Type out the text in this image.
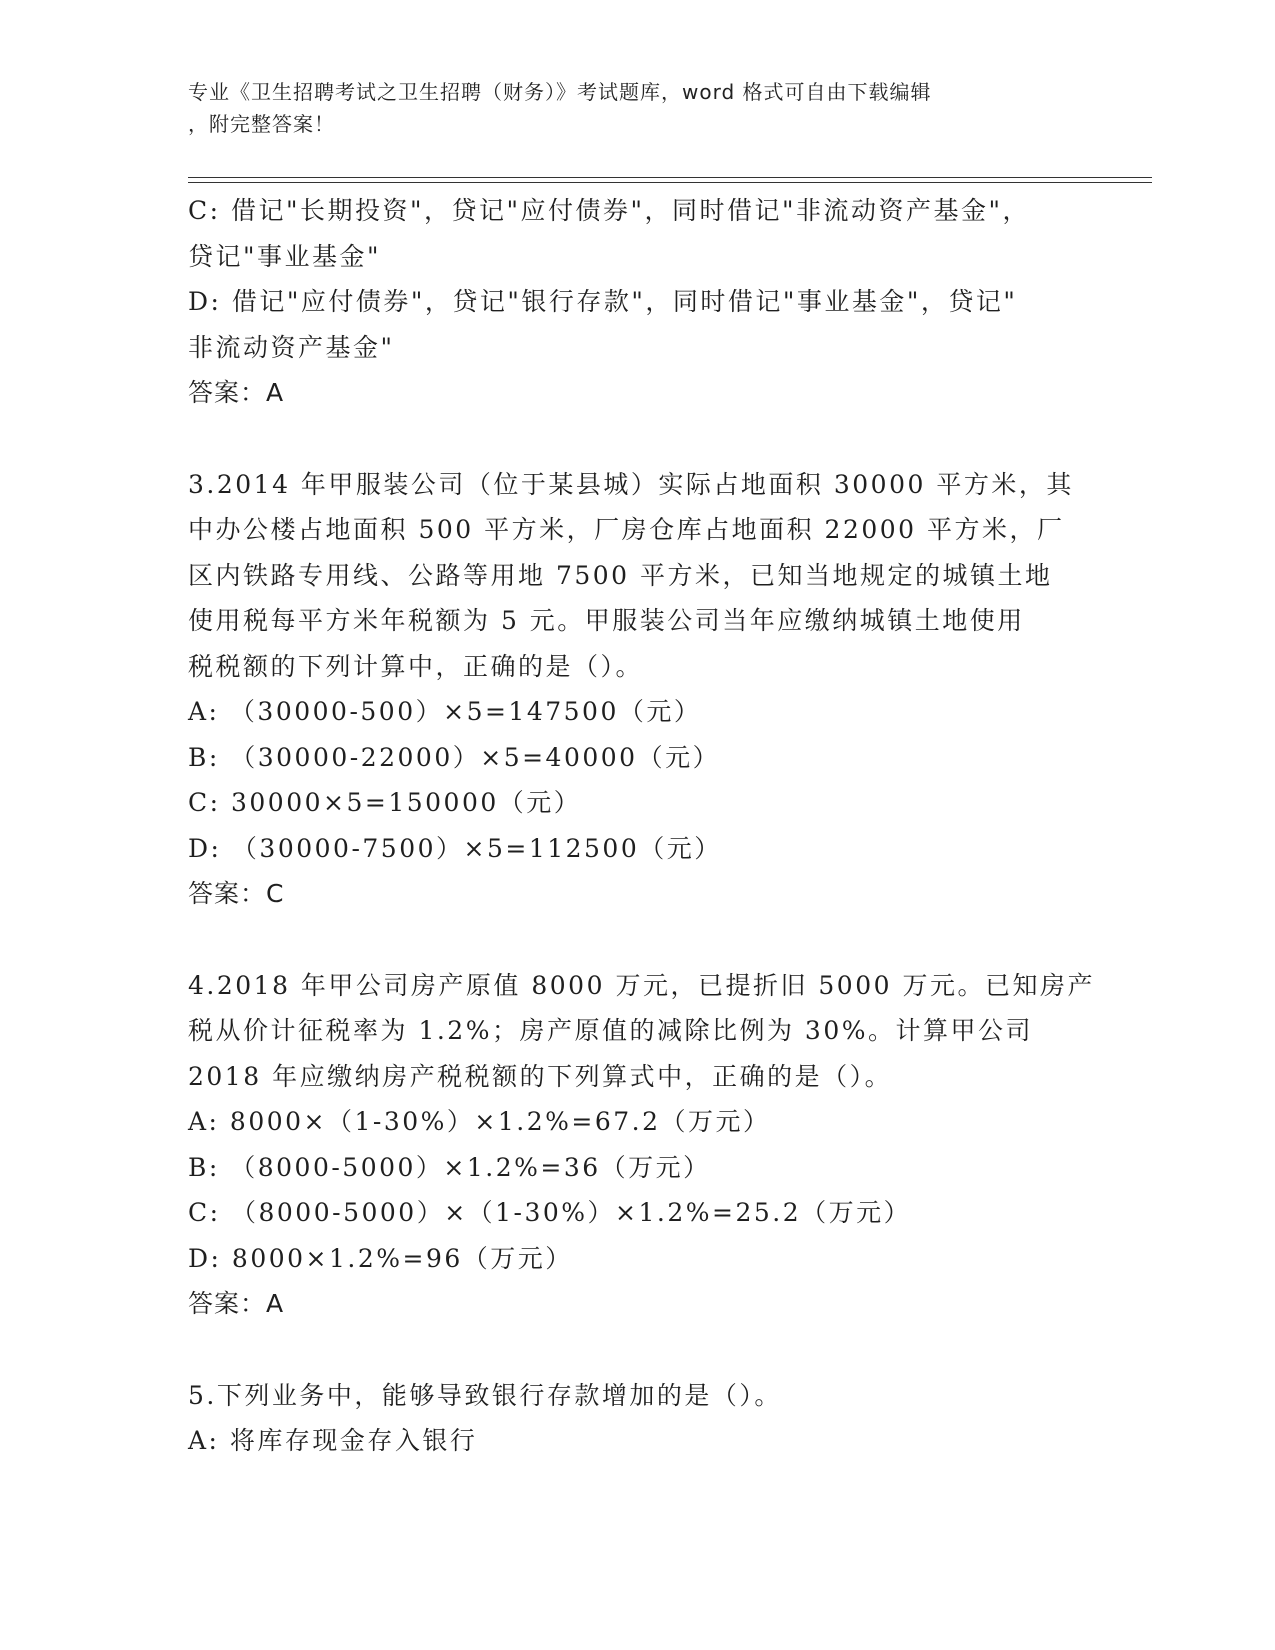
专业《卫生招聘考试之卫生招聘（财务）》考试题库，word 格式可自由下载编辑
，附完整答案！
C: 借记"长期投资"，贷记"应付债券"，同时借记"非流动资产基金"，
贷记"事业基金"
D: 借记"应付债券"，贷记"银行存款"，同时借记"事业基金"，贷记"
非流动资产基金"
答案：A
3.2014 年甲服装公司（位于某县城）实际占地面积 30000 平方米，其
中办公楼占地面积 500 平方米，厂房仓库占地面积 22000 平方米，厂
区内铁路专用线、公路等用地 7500 平方米，已知当地规定的城镇土地
使用税每平方米年税额为 5 元。甲服装公司当年应缴纳城镇土地使用
税税额的下列计算中，正确的是（）。
A: （30000-500）×5=147500（元）
B: （30000-22000）×5=40000（元）
C: 30000×5=150000（元）
D: （30000-7500）×5=112500（元）
答案：C
4.2018 年甲公司房产原值 8000 万元，已提折旧 5000 万元。已知房产
税从价计征税率为 1.2%；房产原值的减除比例为 30%。计算甲公司
2018 年应缴纳房产税税额的下列算式中，正确的是（）。
A: 8000×（1-30%）×1.2%=67.2（万元）
B: （8000-5000）×1.2%=36（万元）
C: （8000-5000）×（1-30%）×1.2%=25.2（万元）
D: 8000×1.2%=96（万元）
答案：A
5.下列业务中，能够导致银行存款增加的是（）。
A: 将库存现金存入银行
